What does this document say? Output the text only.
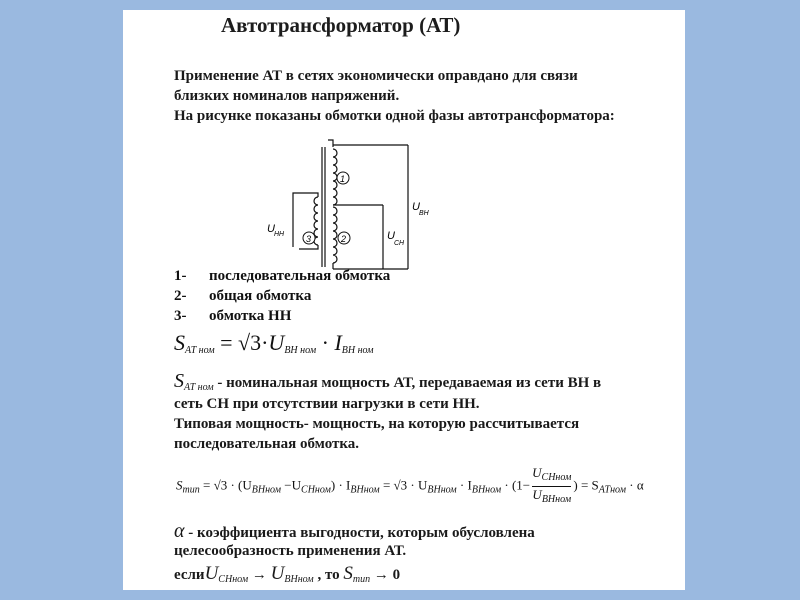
Автотрансформатор (АТ)
Применение АТ в сетях экономически оправдано для связи
близких номиналов напряжений.
На рисунке показаны обмотки одной фазы автотрансформатора:
1
2
3
U НН	U
СН
U
ВН
1- последовательная обмотка
2- общая обмотка
3- обмотка НН
$S_{AT ном} = √3\cdot U_{ВН ном} \cdot I_{ВН ном}$
$S_{AT ном}$ - номинальная мощность АТ, передаваемая из сети ВН в
сеть СН при отсутствии нагрузки в сети НН.
Типовая мощность- мощность, на которую рассчитывается
последовательная обмотка.
$S_{тип} = √3 \cdot (U_{ВНном} -U_{СНном}) \cdot I_{ВНном} = √3 \cdot U_{ВНном} \cdot I_{ВНном} \cdot (1-$
$U_{СНном}$
$U_{ВНном}$
) = $S_{АТном} \cdot \alpha$
α - коэффициента выгодности, которым обусловлена
целесообразность применения АТ.
еслиU$_{СНном}$ → $U_{ВНном}$ , то $S_{тип} \to 0$
